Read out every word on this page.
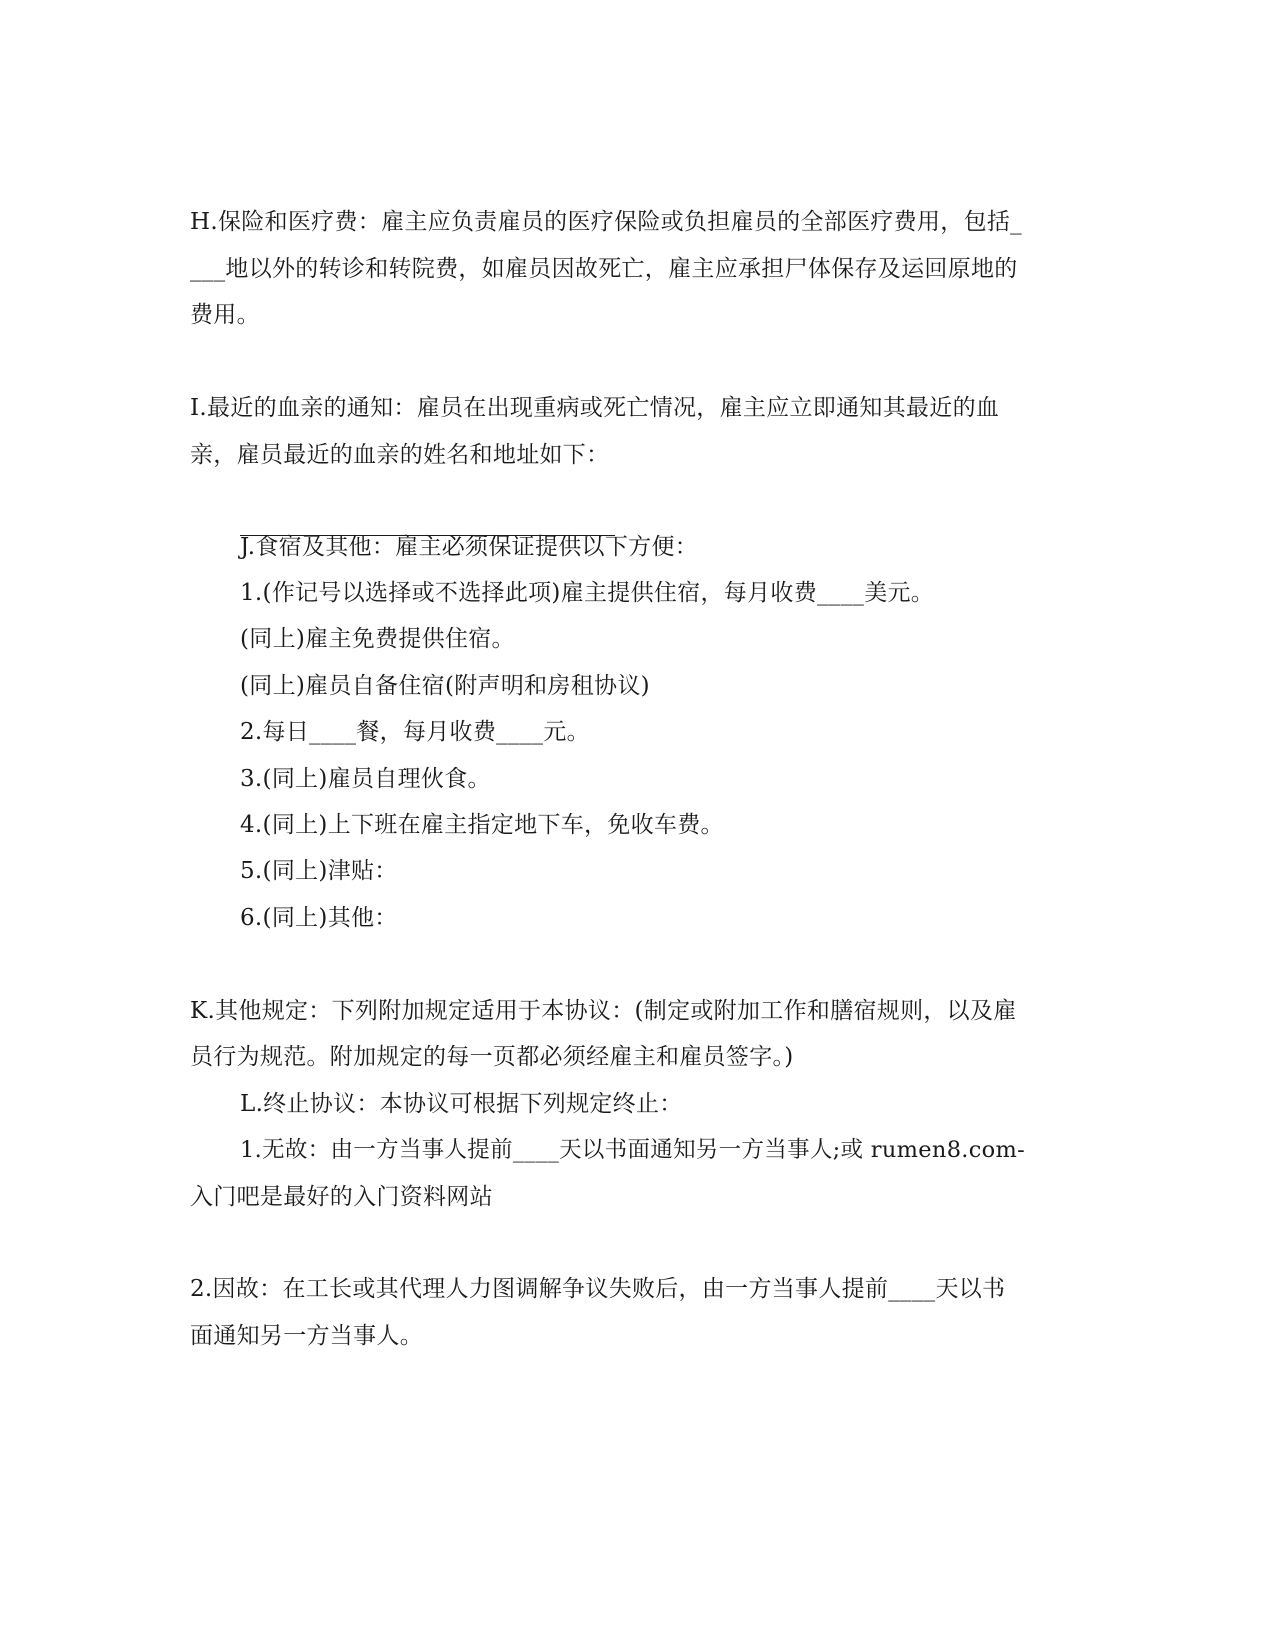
H.保险和医疗费：雇主应负责雇员的医疗保险或负担雇员的全部医疗费用，包括_
___地以外的转诊和转院费，如雇员因故死亡，雇主应承担尸体保存及运回原地的
费用。
I.最近的血亲的通知：雇员在出现重病或死亡情况，雇主应立即通知其最近的血
亲，雇员最近的血亲的姓名和地址如下：
J.食宿及其他：雇主必须保证提供以下方便：
1.(作记号以选择或不选择此项)雇主提供住宿，每月收费____美元。
(同上)雇主免费提供住宿。
(同上)雇员自备住宿(附声明和房租协议)
2.每日____餐，每月收费____元。
3.(同上)雇员自理伙食。
4.(同上)上下班在雇主指定地下车，免收车费。
5.(同上)津贴：
6.(同上)其他：
K.其他规定：下列附加规定适用于本协议：(制定或附加工作和膳宿规则，以及雇
员行为规范。附加规定的每一页都必须经雇主和雇员签字。)
L.终止协议：本协议可根据下列规定终止：
1.无故：由一方当事人提前____天以书面通知另一方当事人;或 rumen8.com-
入门吧是最好的入门资料网站
2.因故：在工长或其代理人力图调解争议失败后，由一方当事人提前____天以书
面通知另一方当事人。
